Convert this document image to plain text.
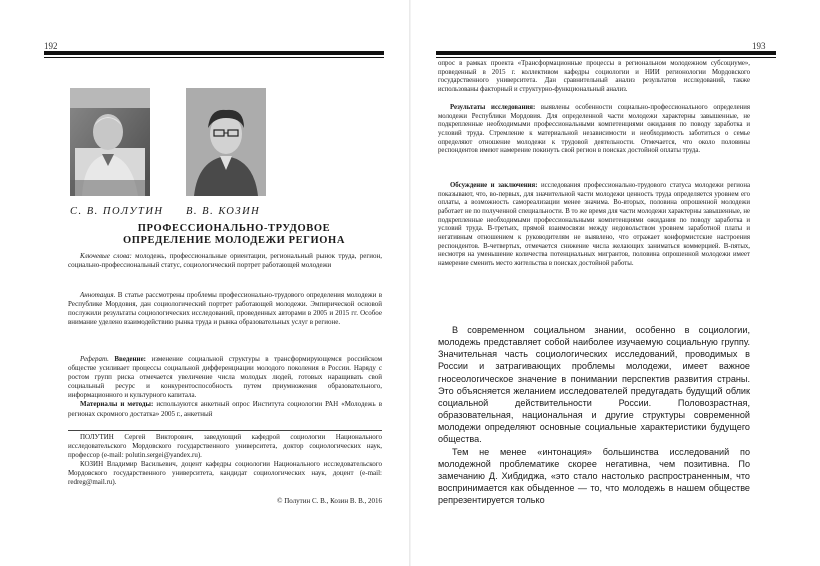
192
С. В. ПОЛУТИН В. В. КОЗИН
ПРОФЕССИОНАЛЬНО-ТРУДОВОЕ
ОПРЕДЕЛЕНИЕ МОЛОДЕЖИ РЕГИОНА

Ключевые слова: молодежь, профессиональные ориентации, региональный рынок труда, регион, социально-профессиональный статус, социологический портрет работающей молодежи

Аннотация. В статье рассмотрены проблемы профессионально-трудового определения молодежи в Республике Мордовия, дан социологический портрет работающей молодежи. Эмпирической основой послужили результаты социологических исследований, проведенных авторами в 2005 и 2015 гг. Особое внимание уделено взаимодействию рынка труда и рынка образовательных услуг в регионе.

Реферат. Введение: изменение социальной структуры в трансформирующемся российском обществе усиливает процессы социальной дифференциации молодого поколения в России. Наряду с ростом групп риска отмечается увеличение числа молодых людей, готовых наращивать свой социальный ресурс и конкурентоспособность путем приумножения образовательного, информационного и культурного капитала.

Материалы и методы: используются анкетный опрос Института социологии РАН «Молодежь в регионах скромного достатка» 2005 г., анкетный

ПОЛУТИН Сергей Викторович, заведующий кафедрой социологии Национального исследовательского Мордовского государственного университета, доктор социологических наук, профессор (e-mail: polutin.sergei@yandex.ru).

КОЗИН Владимир Васильевич, доцент кафедры социологии Национального исследовательского Мордовского государственного университета, кандидат социологических наук, доцент (e-mail: redreg@mail.ru).

© Полутин С. В., Козин В. В., 2016
193

опрос в рамках проекта «Трансформационные процессы в региональном молодежном субсоциуме», проведенный в 2015 г. коллективом кафедры социологии и НИИ регионологии Мордовского государственного университета. Дан сравнительный анализ результатов исследований, также использованы факторный и структурно-функциональный анализ.

Результаты исследования: выявлены особенности социально-профессионального определения молодежи Республики Мордовия. Для определенной части молодежи характерны завышенные, не подкрепленные необходимыми профессиональными компетенциями ожидания по поводу заработка и условий труда. Стремление к материальной независимости и необходимость заботиться о семье определяют отношение молодежи к трудовой деятельности. Отмечается, что около половины респондентов имеют намерение покинуть свой регион в поисках достойной оплаты труда.

Обсуждение и заключения: исследования профессионально-трудового статуса молодежи региона показывают, что, во-первых, для значительной части молодежи ценность труда определяется уровнем его оплаты, а возможность самореализации менее значима. Во-вторых, половина опрошенной молодежи работает не по полученной специальности. В то же время для части молодежи характерны завышенные, не подкрепленные необходимыми профессиональными компетенциями ожидания по поводу заработка и условий труда. В-третьих, прямой взаимосвязи между недовольством уровнем заработной платы и негативным отношением к руководителям не выявлено, что отражает конформистские настроения респондентов. В-четвертых, отмечается снижение числа желающих заниматься коммерцией. В-пятых, несмотря на уменьшение количества потенциальных мигрантов, половина опрошенной молодежи имеет намерение сменить место жительства в поисках достойной работы.

В современном социальном знании, особенно в социологии, молодежь представляет собой наиболее изучаемую социальную группу. Значительная часть социологических исследований, проводимых в России и затрагивающих проблемы молодежи, имеет важное гносеологическое значение в понимании перспектив развития страны. Это объясняется желанием исследователей предугадать будущий облик социальной действительности России. Половозрастная, образовательная, национальная и другие структуры современной молодежи определяют основные социальные характеристики будущего общества.

Тем не менее «интонация» большинства исследований по молодежной проблематике скорее негативна, чем позитивна. По замечанию Д. Хибдиджа, «это стало настолько распространенным, что воспринимается как обыденное — то, что молодежь в нашем обществе репрезентируется только
